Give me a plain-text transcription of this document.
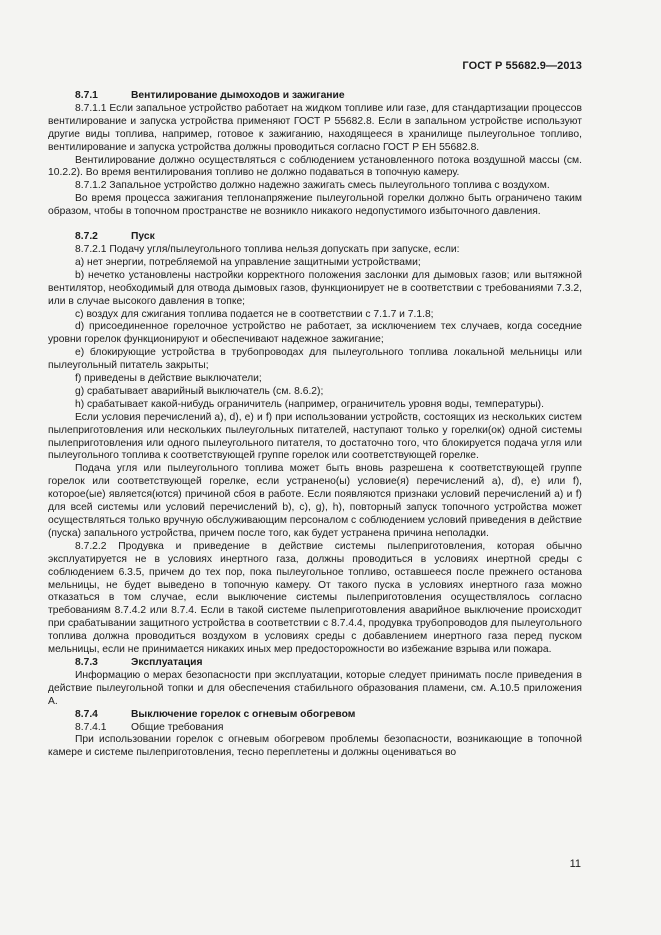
ГОСТ Р 55682.9—2013

8.7.1	Вентилирование дымоходов и зажигание

8.7.1.1 Если запальное устройство работает на жидком топливе или газе, для стандартизации процессов вентилирование и запуска устройства применяют ГОСТ Р 55682.8. Если в запальном устройстве используют другие виды топлива, например, готовое к зажиганию, находящееся в хранилище пылеугольное топливо, вентилирование и запуска устройства должны проводиться согласно ГОСТ Р ЕН 55682.8.

Вентилирование должно осуществляться с соблюдением установленного потока воздушной массы (см. 10.2.2). Во время вентилирования топливо не должно подаваться в топочную камеру.

8.7.1.2 Запальное устройство должно надежно зажигать смесь пылеугольного топлива с воздухом.

Во время процесса зажигания теплонапряжение пылеугольной горелки должно быть ограничено таким образом, чтобы в топочном пространстве не возникло никакого недопустимого избыточного давления.

8.7.2	Пуск

8.7.2.1 Подачу угля/пылеугольного топлива нельзя допускать при запуске, если:

а) нет энергии, потребляемой на управление защитными устройствами;

b) нечетко установлены настройки корректного положения заслонки для дымовых газов; или вытяжной вентилятор, необходимый для отвода дымовых газов, функционирует не в соответствии с требованиями 7.3.2, или в случае высокого давления в топке;

c) воздух для сжигания топлива подается не в соответствии с 7.1.7 и 7.1.8;

d) присоединенное горелочное устройство не работает, за исключением тех случаев, когда соседние уровни горелок функционируют и обеспечивают надежное зажигание;

e) блокирующие устройства в трубопроводах для пылеугольного топлива локальной мельницы или пылеугольный питатель закрыты;

f) приведены в действие выключатели;

g) срабатывает аварийный выключатель (см. 8.6.2);

h) срабатывает какой-нибудь ограничитель (например, ограничитель уровня воды, температуры).

Если условия перечислений а), d), e) и f) при использовании устройств, состоящих из нескольких систем пылеприготовления или нескольких пылеугольных питателей, наступают только у горелки(ок) одной системы пылеприготовления или одного пылеугольного питателя, то достаточно того, что блокируется подача угля или пылеугольного топлива к соответствующей группе горелок или соответствующей горелке.

Подача угля или пылеугольного топлива может быть вновь разрешена к соответствующей группе горелок или соответствующей горелке, если устранено(ы) условие(я) перечислений а), d), e) или f), которое(ые) является(ются) причиной сбоя в работе. Если появляются признаки условий перечислений а) и f) для всей системы или условий перечислений b), c), g), h), повторный запуск топочного устройства может осуществляться только вручную обслуживающим персоналом с соблюдением условий приведения в действие (пуска) запального устройства, причем после того, как будет устранена причина неполадки.

8.7.2.2 Продувка и приведение в действие системы пылеприготовления, которая обычно эксплуатируется не в условиях инертного газа, должны проводиться в условиях инертной среды с соблюдением 6.3.5, причем до тех пор, пока пылеугольное топливо, оставшееся после прежнего останова мельницы, не будет выведено в топочную камеру. От такого пуска в условиях инертного газа можно отказаться в том случае, если выключение системы пылеприготовления осуществлялось согласно требованиям 8.7.4.2 или 8.7.4. Если в такой системе пылеприготовления аварийное выключение происходит при срабатывании защитного устройства в соответствии с 8.7.4.4, продувка трубопроводов для пылеугольного топлива должна проводиться воздухом в условиях среды с добавлением инертного газа перед пуском мельницы, если не принимается никаких иных мер предосторожности во избежание взрыва или пожара.

8.7.3	Эксплуатация

Информацию о мерах безопасности при эксплуатации, которые следует принимать после приведения в действие пылеугольной топки и для обеспечения стабильного образования пламени, см. А.10.5 приложения А.

8.7.4	Выключение горелок с огневым обогревом

8.7.4.1 Общие требования

При использовании горелок с огневым обогревом проблемы безопасности, возникающие в топочной камере и системе пылеприготовления, тесно переплетены и должны оцениваться во

11
